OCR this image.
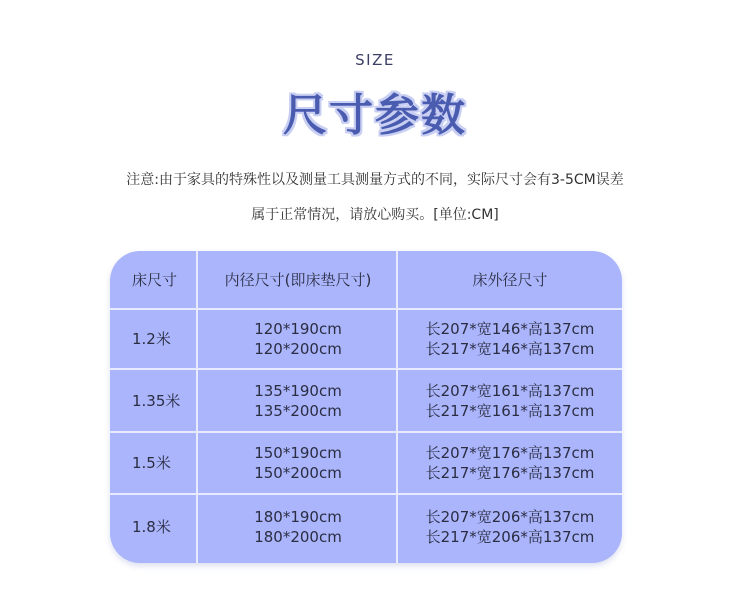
SIZE
尺寸参数
注意:由于家具的特殊性以及测量工具测量方式的不同，实际尺寸会有3-5CM误差
属于正常情况，请放心购买。[单位:CM]
床尺寸	内径尺寸(即床垫尺寸)	床外径尺寸
1.2米
120*190cm
120*200cm
长207*宽146*高137cm
长217*宽146*高137cm
1.35米
135*190cm
135*200cm
长207*宽161*高137cm
长217*宽161*高137cm
1.5米
150*190cm
150*200cm
长207*宽176*高137cm
长217*宽176*高137cm
1.8米
180*190cm
180*200cm
长207*宽206*高137cm
长217*宽206*高137cm
